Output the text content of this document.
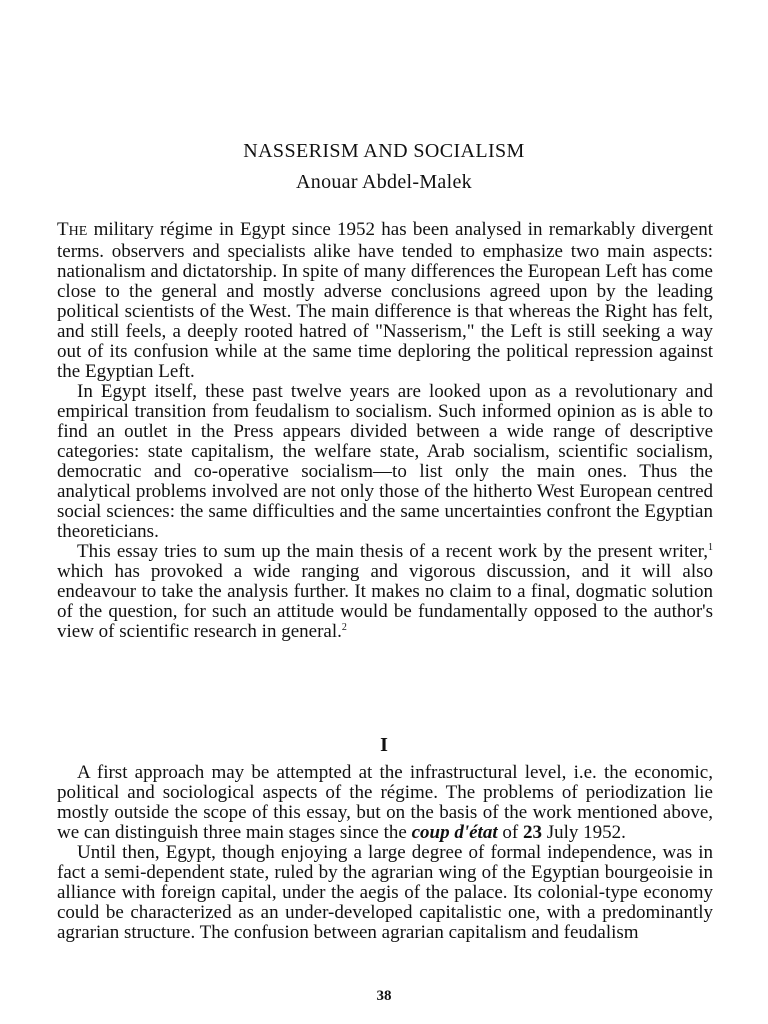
NASSERISM AND SOCIALISM
Anouar Abdel-Malek

THE military régime in Egypt since 1952 has been analysed in remarkably divergent terms. observers and specialists alike have tended to emphasize two main aspects: nationalism and dictatorship. In spite of many differences the European Left has come close to the general and mostly adverse conclusions agreed upon by the leading political scientists of the West. The main difference is that whereas the Right has felt, and still feels, a deeply rooted hatred of "Nasserism," the Left is still seeking a way out of its confusion while at the same time deploring the political repression against the Egyptian Left.

In Egypt itself, these past twelve years are looked upon as a revolutionary and empirical transition from feudalism to socialism. Such informed opinion as is able to find an outlet in the Press appears divided between a wide range of descriptive categories: state capitalism, the welfare state, Arab socialism, scientific socialism, democratic and co-operative socialism—to list only the main ones. Thus the analytical problems involved are not only those of the hitherto West European centred social sciences: the same difficulties and the same uncertainties confront the Egyptian theoreticians.

This essay tries to sum up the main thesis of a recent work by the present writer,$^1$ which has provoked a wide ranging and vigorous discussion, and it will also endeavour to take the analysis further. It makes no claim to a final, dogmatic solution of the question, for such an attitude would be fundamentally opposed to the author's view of scientific research in general.$^2$

I

A first approach may be attempted at the infrastructural level, i.e. the economic, political and sociological aspects of the régime. The problems of periodization lie mostly outside the scope of this essay, but on the basis of the work mentioned above, we can distinguish three main stages since the coup d'état of 23 July 1952.

Until then, Egypt, though enjoying a large degree of formal independence, was in fact a semi-dependent state, ruled by the agrarian wing of the Egyptian bourgeoisie in alliance with foreign capital, under the aegis of the palace. Its colonial-type economy could be characterized as an under-developed capitalistic one, with a predominantly agrarian structure. The confusion between agrarian capitalism and feudalism

38
